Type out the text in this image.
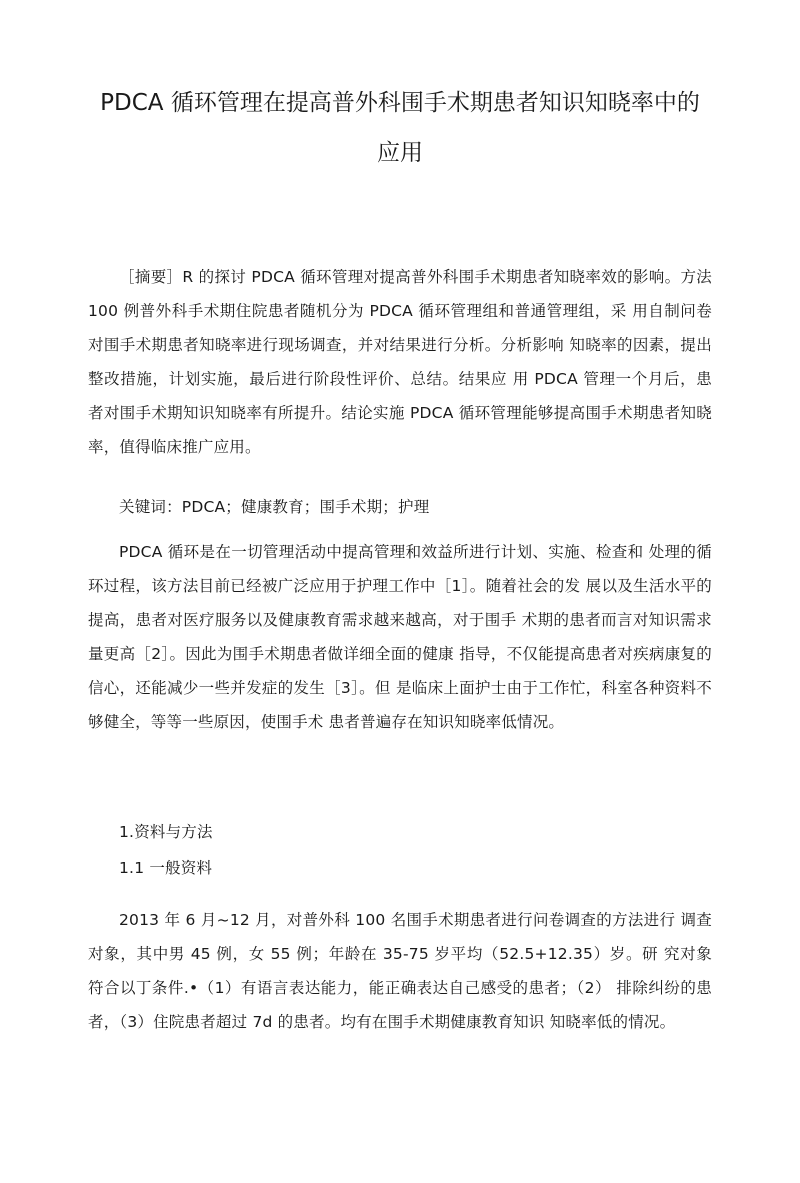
PDCA 循环管理在提高普外科围手术期患者知识知晓率中的
应用

［摘要］R 的探讨 PDCA 循环管理对提高普外科围手术期患者知晓率效的影响。方法 100 例普外科手术期住院患者随机分为 PDCA 循环管理组和普通管理组，采 用自制问卷对围手术期患者知晓率进行现场调查，并对结果进行分析。分析影响 知晓率的因素，提出整改措施，计划实施，最后进行阶段性评价、总结。结果应 用 PDCA 管理一个月后，患者对围手术期知识知晓率有所提升。结论实施 PDCA 循环管理能够提高围手术期患者知晓率，值得临床推广应用。

关键词：PDCA；健康教育；围手术期；护理

PDCA 循环是在一切管理活动中提高管理和效益所进行计划、实施、检查和 处理的循环过程，该方法目前已经被广泛应用于护理工作中［1］。随着社会的发 展以及生活水平的提高，患者对医疗服务以及健康教育需求越来越高，对于围手 术期的患者而言对知识需求量更高［2］。因此为围手术期患者做详细全面的健康 指导，不仅能提高患者对疾病康复的信心，还能减少一些并发症的发生［3］。但 是临床上面护士由于工作忙，科室各种资料不够健全，等等一些原因，使围手术 患者普遍存在知识知晓率低情况。

1.资料与方法

1.1 一般资料

2013 年 6 月~12 月，对普外科 100 名围手术期患者进行问卷调查的方法进行 调查对象，其中男 45 例，女 55 例；年龄在 35-75 岁平均（52.5+12.35）岁。研 究对象符合以丁条件.•（1）有语言表达能力，能正确表达自己感受的患者；（2） 排除纠纷的患者，（3）住院患者超过 7d 的患者。均有在围手术期健康教育知识 知晓率低的情况。
